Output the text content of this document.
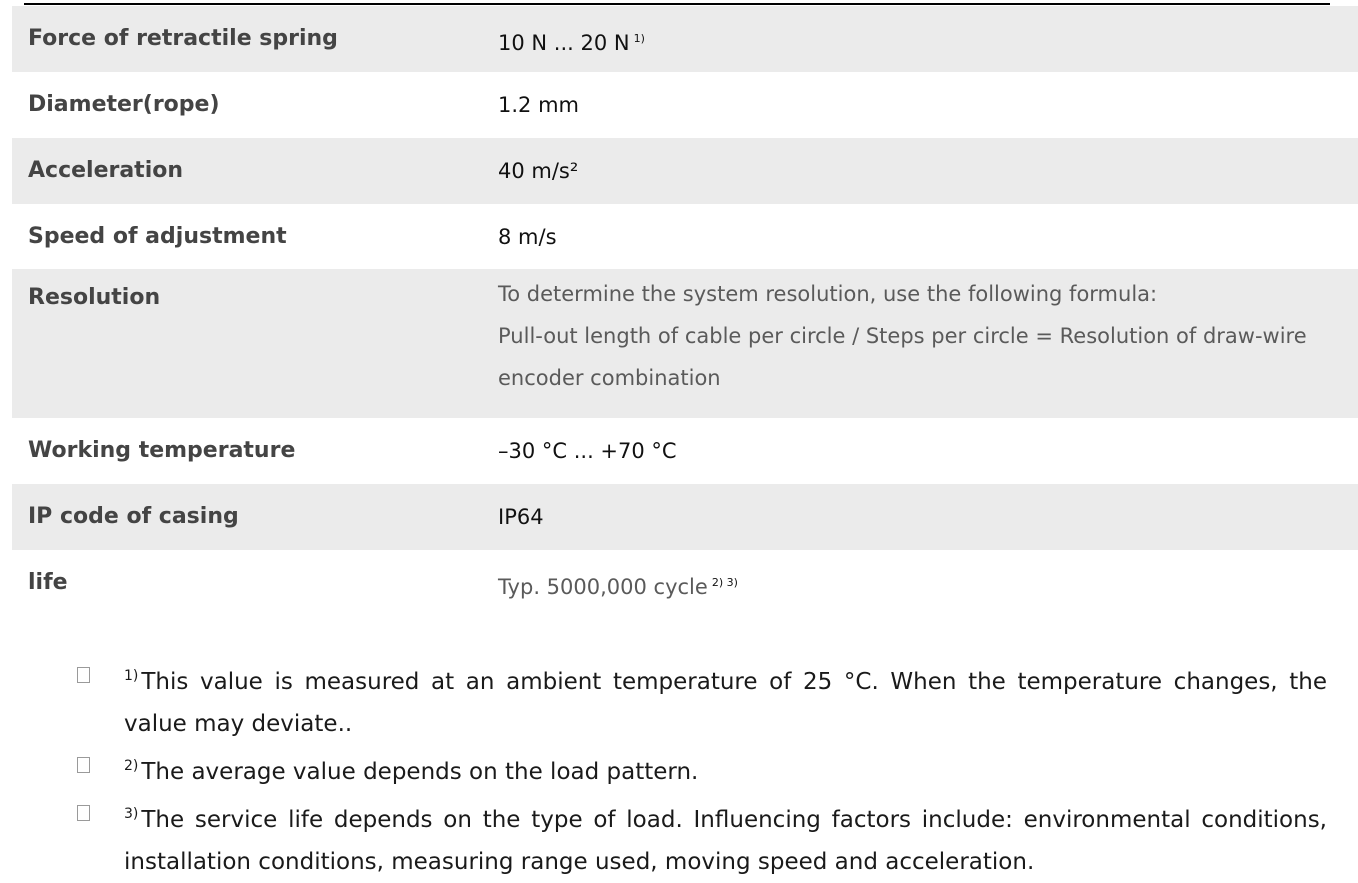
Force of retractile spring	10 N ... 20 N $^{1)}$
Diameter(rope)	1.2 mm
Acceleration	40 m/s²
Speed of adjustment	8 m/s
Resolution	To determine the system resolution, use the following formula:
Pull-out length of cable per circle / Steps per circle = Resolution of draw-wire
encoder combination
Working temperature	–30 °C ... +70 °C
IP code of casing	IP64
life	Typ. 5000,000 cycle $^{2) 3)}$
$^{1)}$ This value is measured at an ambient temperature of 25 °C. When the temperature changes, the value may deviate..
$^{2)}$ The average value depends on the load pattern.
$^{3)}$ The service life depends on the type of load. Influencing factors include: environmental conditions, installation conditions, measuring range used, moving speed and acceleration.
